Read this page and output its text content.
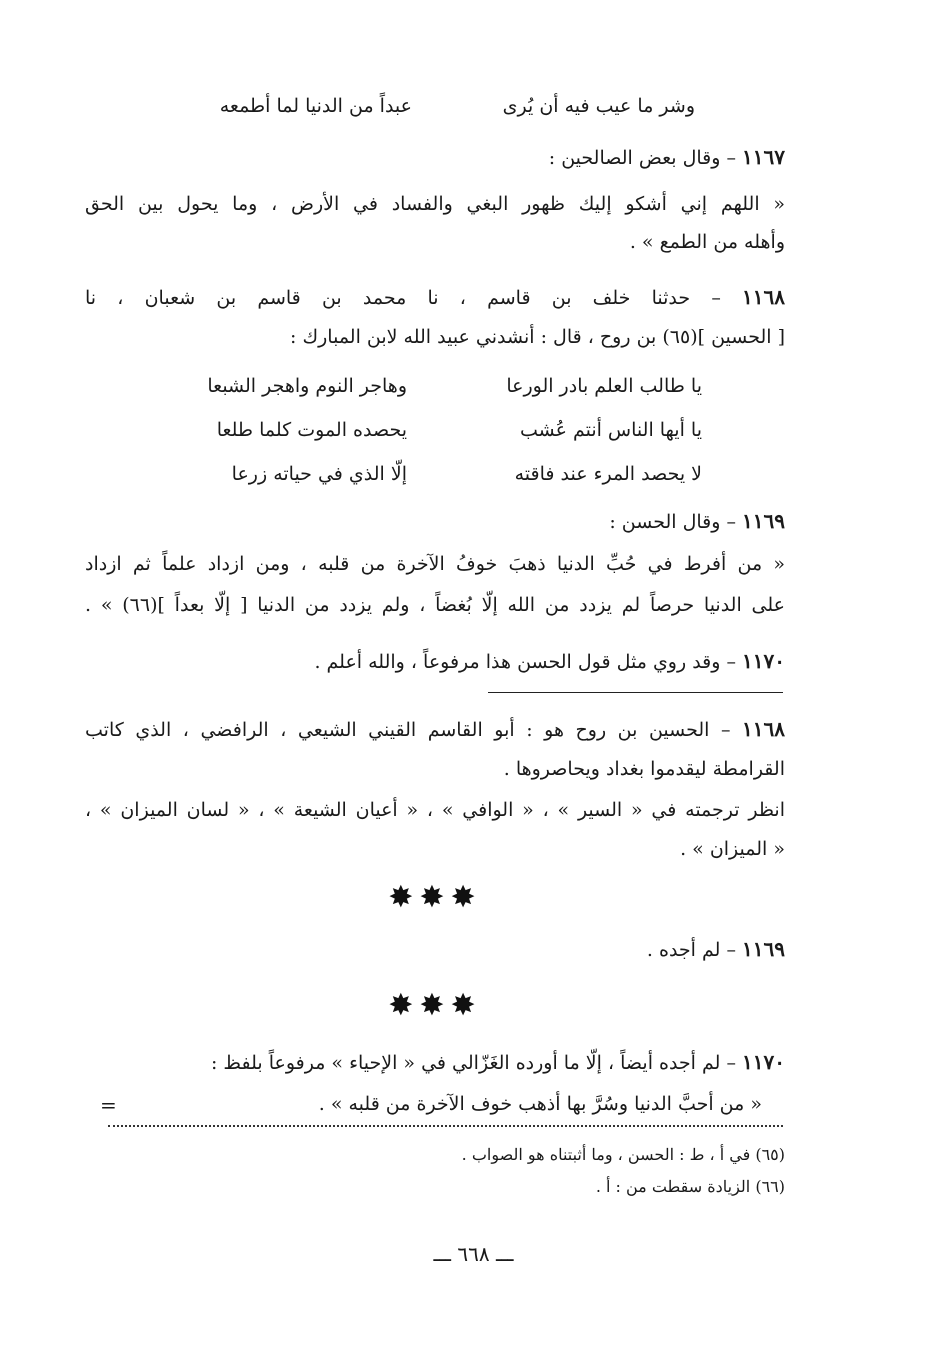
وشر ما عيب فيه أن يُرى
عبداً من الدنيا لما أطمعه
١١٦٧ – وقال بعض الصالحين :
« اللهم إني أشكو إليك ظهور البغي والفساد في الأرض ، وما يحول بين الحق
وأهله من الطمع » .
١١٦٨ – حدثنا خلف بن قاسم ، نا محمد بن قاسم بن شعبان ، نا
[ الحسين ](٦٥) بن روح ، قال : أنشدني عبيد الله لابن المبارك :
يا طالب العلم بادر الورعا
وهاجر النوم واهجر الشبعا
يا أيها الناس أنتم عُشب
يحصده الموت كلما طلعا
لا يحصد المرء عند فاقته
إلّا الذي في حياته زرعا
١١٦٩ – وقال الحسن :
« من أفرط في حُبِّ الدنيا ذهبَ خوفُ الآخرة من قلبه ، ومن ازداد علماً ثم ازداد
على الدنيا حرصاً لم يزدد من الله إلّا بُغضاً ، ولم يزدد من الدنيا [ إلّا بعداً ](٦٦) » .
١١٧٠ – وقد روي مثل قول الحسن هذا مرفوعاً ، والله أعلم .
١١٦٨ – الحسين بن روح هو : أبو القاسم القيني الشيعي ، الرافضي ، الذي كاتب
القرامطة ليقدموا بغداد ويحاصروها .
انظر ترجمته في « السير » ، « الوافي » ، « أعيان الشيعة » ، « لسان الميزان » ،
« الميزان » .
✸✸✸
١١٦٩ – لم أجده .
✸✸✸
١١٧٠ – لم أجده أيضاً ، إلّا ما أورده الغَزّالي في « الإحياء » مرفوعاً بلفظ :
« من أحبَّ الدنيا وسُرَّ بها أذهب خوف الآخرة من قلبه » .
=
(٦٥) في أ ، ط : الحسن ، وما أثبتناه هو الصواب .
(٦٦) الزيادة سقطت من : أ .
ـــ ٦٦٨ ـــ
